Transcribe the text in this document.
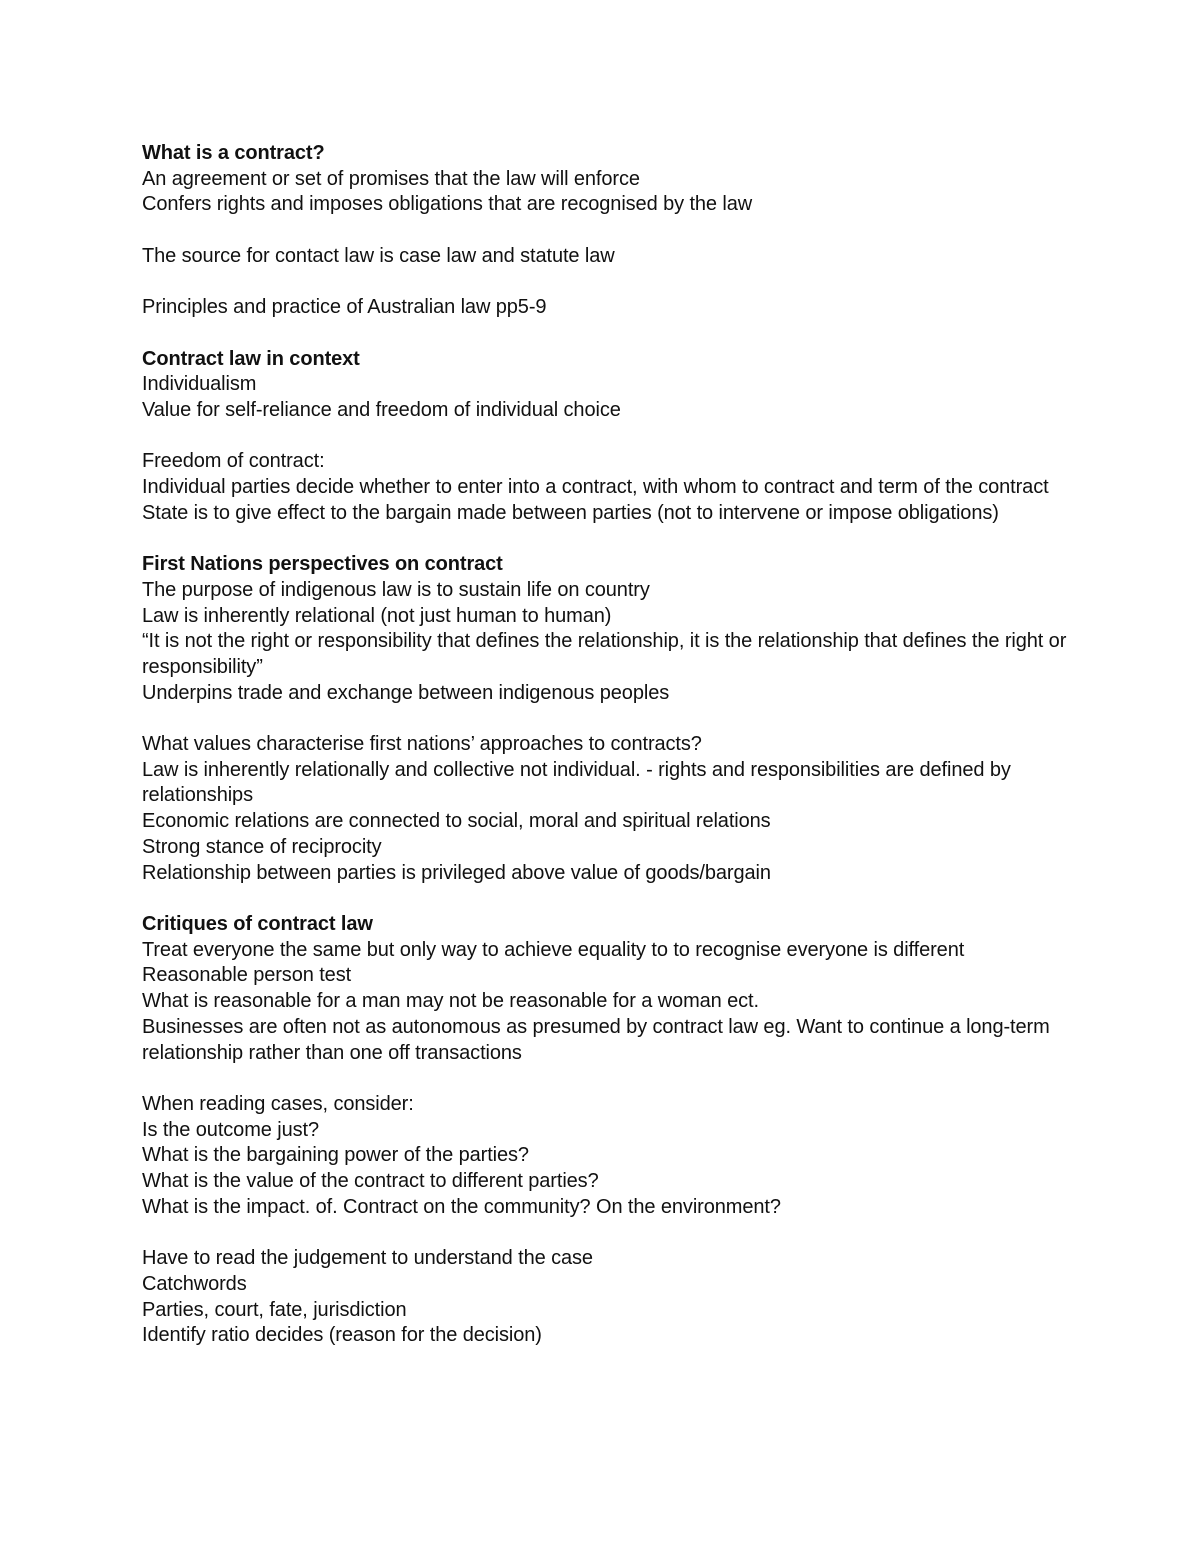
What is a contract?
An agreement or set of promises that the law will enforce
Confers rights and imposes obligations that are recognised by the law
The source for contact law is case law and statute law
Principles and practice of Australian law pp5-9
Contract law in context
Individualism
Value for self-reliance and freedom of individual choice
Freedom of contract:
Individual parties decide whether to enter into a contract, with whom to contract and term of the contract
State is to give effect to the bargain made between parties (not to intervene or impose obligations)
First Nations perspectives on contract
The purpose of indigenous law is to sustain life on country
Law is inherently relational (not just human to human)
“It is not the right or responsibility that defines the relationship, it is the relationship that defines the right or responsibility”
Underpins trade and exchange between indigenous peoples
What values characterise first nations’ approaches to contracts?
Law is inherently relationally and collective not individual. - rights and responsibilities are defined by relationships
Economic relations are connected to social, moral and spiritual relations
Strong stance of reciprocity
Relationship between parties is privileged above value of goods/bargain
Critiques of contract law
Treat everyone the same but only way to achieve equality to to recognise everyone is different
Reasonable person test
What is reasonable for a man may not be reasonable for a woman ect.
Businesses are often not as autonomous as presumed by contract law eg. Want to continue a long-term relationship rather than one off transactions
When reading cases, consider:
Is the outcome just?
What is the bargaining power of the parties?
What is the value of the contract to different parties?
What is the impact. of. Contract on the community? On the environment?
Have to read the judgement to understand the case
Catchwords
Parties, court, fate, jurisdiction
Identify ratio decides (reason for the decision)
